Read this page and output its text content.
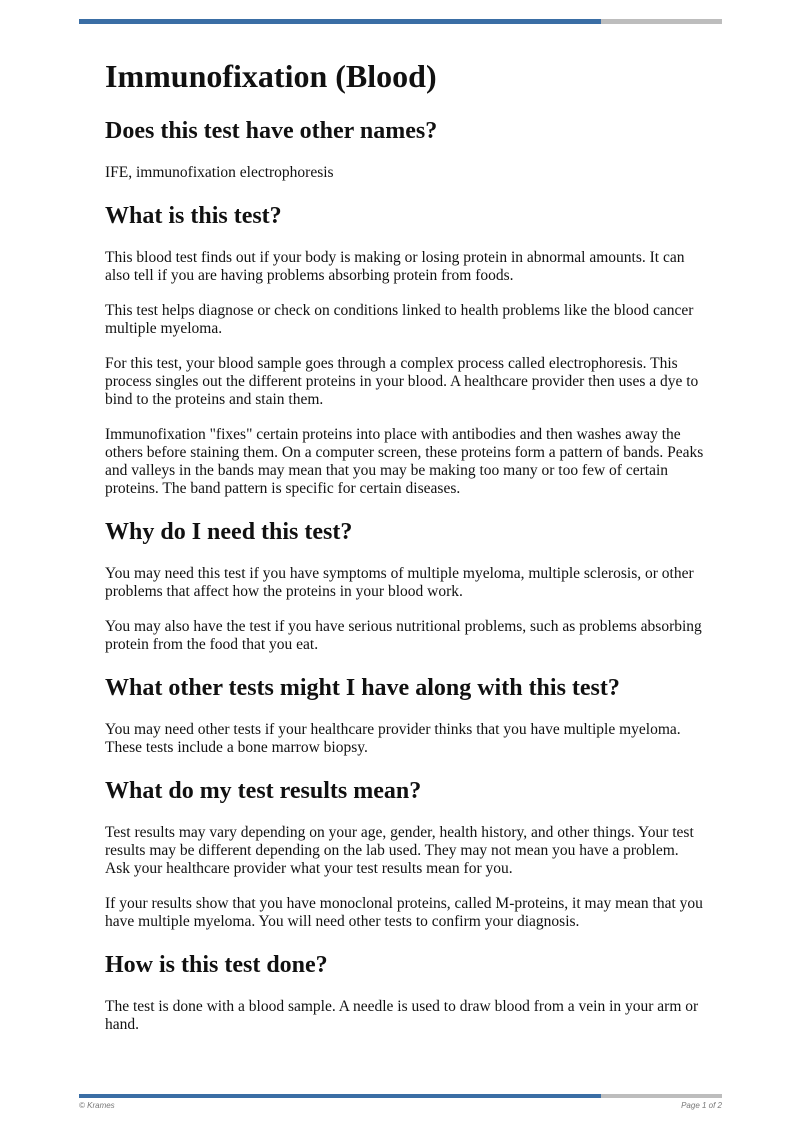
Immunofixation (Blood)
Does this test have other names?

IFE, immunofixation electrophoresis

What is this test?

This blood test finds out if your body is making or losing protein in abnormal amounts. It can also tell if you are having problems absorbing protein from foods.

This test helps diagnose or check on conditions linked to health problems like the blood cancer multiple myeloma.

For this test, your blood sample goes through a complex process called electrophoresis. This process singles out the different proteins in your blood. A healthcare provider then uses a dye to bind to the proteins and stain them.

Immunofixation "fixes" certain proteins into place with antibodies and then washes away the others before staining them. On a computer screen, these proteins form a pattern of bands. Peaks and valleys in the bands may mean that you may be making too many or too few of certain proteins. The band pattern is specific for certain diseases.

Why do I need this test?

You may need this test if you have symptoms of multiple myeloma, multiple sclerosis, or other problems that affect how the proteins in your blood work.

You may also have the test if you have serious nutritional problems, such as problems absorbing protein from the food that you eat.

What other tests might I have along with this test?

You may need other tests if your healthcare provider thinks that you have multiple myeloma. These tests include a bone marrow biopsy.

What do my test results mean?

Test results may vary depending on your age, gender, health history, and other things. Your test results may be different depending on the lab used. They may not mean you have a problem. Ask your healthcare provider what your test results mean for you.

If your results show that you have monoclonal proteins, called M-proteins, it may mean that you have multiple myeloma. You will need other tests to confirm your diagnosis.

How is this test done?

The test is done with a blood sample. A needle is used to draw blood from a vein in your arm or hand.

© Krames	Page 1 of 2
